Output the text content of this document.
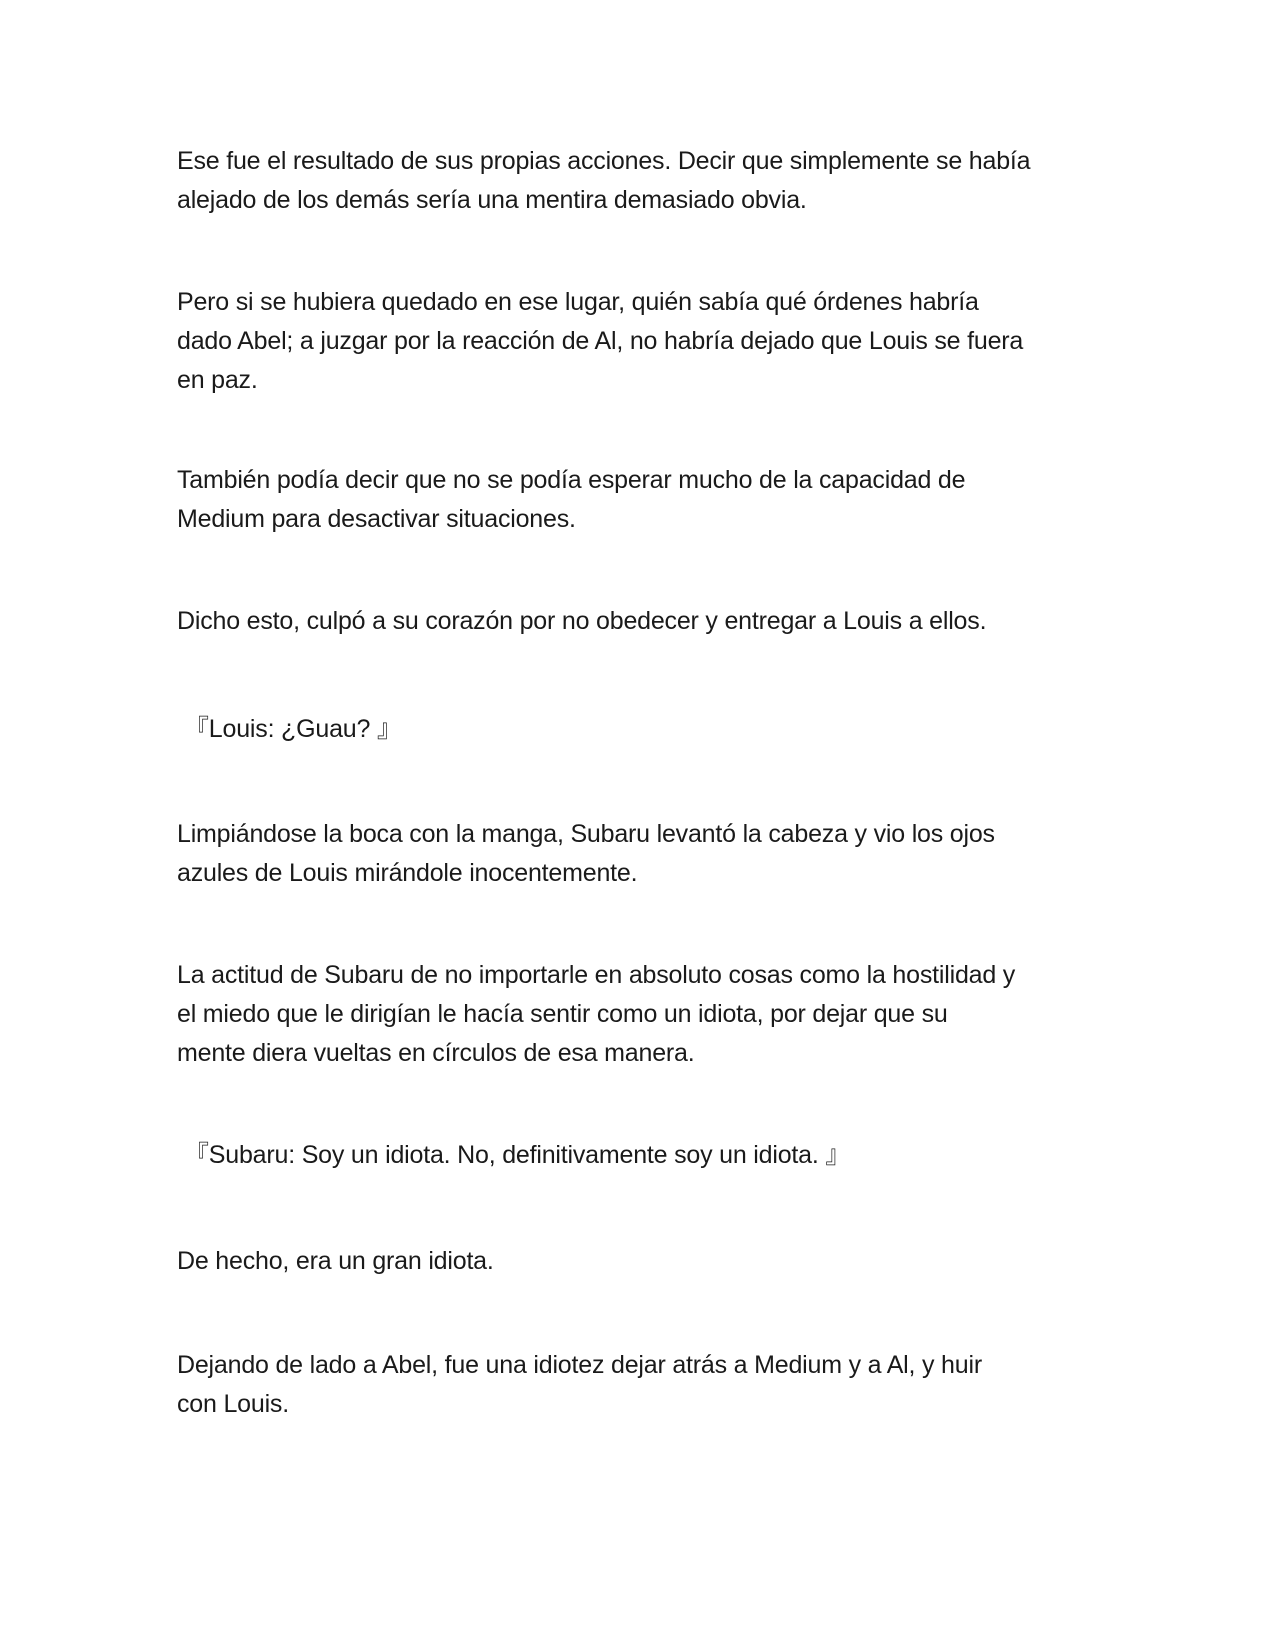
Ese fue el resultado de sus propias acciones. Decir que simplemente se había
alejado de los demás sería una mentira demasiado obvia.

Pero si se hubiera quedado en ese lugar, quién sabía qué órdenes habría
dado Abel; a juzgar por la reacción de Al, no habría dejado que Louis se fuera
en paz.

También podía decir que no se podía esperar mucho de la capacidad de
Medium para desactivar situaciones.

Dicho esto, culpó a su corazón por no obedecer y entregar a Louis a ellos.

『Louis: ¿Guau? 』

Limpiándose la boca con la manga, Subaru levantó la cabeza y vio los ojos
azules de Louis mirándole inocentemente.

La actitud de Subaru de no importarle en absoluto cosas como la hostilidad y
el miedo que le dirigían le hacía sentir como un idiota, por dejar que su
mente diera vueltas en círculos de esa manera.

『Subaru: Soy un idiota. No, definitivamente soy un idiota. 』

De hecho, era un gran idiota.

Dejando de lado a Abel, fue una idiotez dejar atrás a Medium y a Al, y huir
con Louis.
